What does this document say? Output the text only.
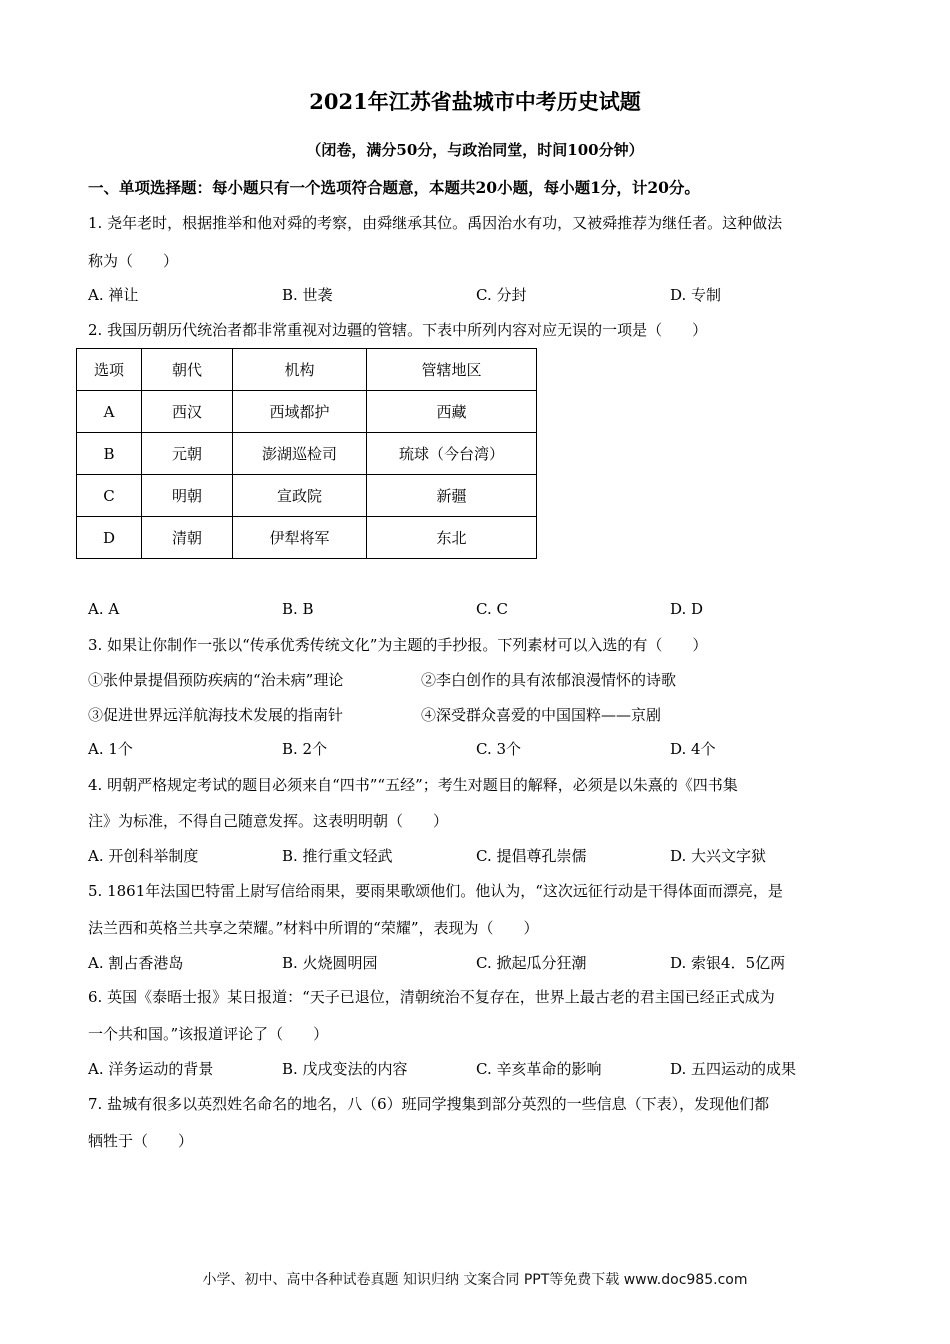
2021年江苏省盐城市中考历史试题
（闭卷，满分50分，与政治同堂，时间100分钟）
一、单项选择题：每小题只有一个选项符合题意，本题共20小题，每小题1分，计20分。
1. 尧年老时，根据推举和他对舜的考察，由舜继承其位。禹因治水有功，又被舜推荐为继任者。这种做法
称为（　　）
A. 禅让	B. 世袭	C. 分封	D. 专制
2. 我国历朝历代统治者都非常重视对边疆的管辖。下表中所列内容对应无误的一项是（　　）
选项	朝代	机构	管辖地区
A	西汉	西域都护	西藏
B	元朝	澎湖巡检司	琉球（今台湾）
C	明朝	宣政院	新疆
D	清朝	伊犁将军	东北
A. A	B. B	C. C	D. D
3. 如果让你制作一张以“传承优秀传统文化”为主题的手抄报。下列素材可以入选的有（　　）
①张仲景提倡预防疾病的“治未病”理论	②李白创作的具有浓郁浪漫情怀的诗歌
③促进世界远洋航海技术发展的指南针	④深受群众喜爱的中国国粹——京剧
A. 1个	B. 2个	C. 3个	D. 4个
4. 明朝严格规定考试的题目必须来自“四书”“五经”；考生对题目的解释，必须是以朱熹的《四书集
注》为标准，不得自己随意发挥。这表明明朝（　　）
A. 开创科举制度	B. 推行重文轻武	C. 提倡尊孔崇儒	D. 大兴文字狱
5. 1861年法国巴特雷上尉写信给雨果，要雨果歌颂他们。他认为，“这次远征行动是干得体面而漂亮，是
法兰西和英格兰共享之荣耀。”材料中所谓的“荣耀”，表现为（　　）
A. 割占香港岛	B. 火烧圆明园	C. 掀起瓜分狂潮	D. 索银4．5亿两
6. 英国《泰晤士报》某日报道：“天子已退位，清朝统治不复存在，世界上最古老的君主国已经正式成为
一个共和国。”该报道评论了（　　）
A. 洋务运动的背景	B. 戊戌变法的内容	C. 辛亥革命的影响	D. 五四运动的成果
7. 盐城有很多以英烈姓名命名的地名，八（6）班同学搜集到部分英烈的一些信息（下表），发现他们都
牺牲于（　　）
小学、初中、高中各种试卷真题 知识归纳 文案合同 PPT等免费下载 www.doc985.com
